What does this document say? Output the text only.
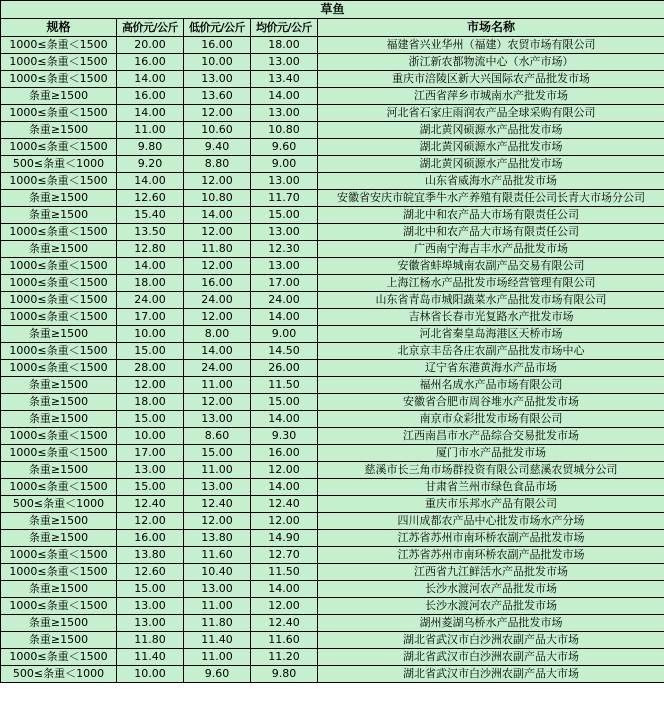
草鱼				
规格	高价元/公斤	低价元/公斤	均价元/公斤	市场名称
1000≤条重＜1500	20.00	16.00	18.00	福建省兴业华州（福建）农贸市场有限公司
1000≤条重＜1500	16.00	10.00	13.00	浙江新农都物流中心（水产市场）
1000≤条重＜1500	14.00	13.00	13.40	重庆市涪陵区新大兴国际农产品批发市场
条重≥1500	16.00	13.60	14.00	江西省萍乡市城南水产批发市场
1000≤条重＜1500	14.00	12.00	13.00	河北省石家庄雨润农产品全球采购有限公司
条重≥1500	11.00	10.60	10.80	湖北黄冈硕源水产品批发市场
1000≤条重＜1500	9.80	9.40	9.60	湖北黄冈硕源水产品批发市场
500≤条重＜1000	9.20	8.80	9.00	湖北黄冈硕源水产品批发市场
1000≤条重＜1500	14.00	12.00	13.00	山东省威海水产品批发市场
条重≥1500	12.60	10.80	11.70	安徽省安庆市皖宜季牛水产养殖有限责任公司长青大市场分公司
条重≥1500	15.40	14.00	15.00	湖北中和农产品大市场有限责任公司
1000≤条重＜1500	13.50	12.00	13.00	湖北中和农产品大市场有限责任公司
条重≥1500	12.80	11.80	12.30	广西南宁海吉丰水产品批发市场
1000≤条重＜1500	14.00	12.00	13.00	安徽省蚌埠城南农副产品交易有限公司
1000≤条重＜1500	18.00	16.00	17.00	上海江杨水产品批发市场经营管理有限公司
1000≤条重＜1500	24.00	24.00	24.00	山东省青岛市城阳蔬菜水产品批发市场有限公司
1000≤条重＜1500	17.00	12.00	14.00	吉林省长春市光复路水产批发市场
条重≥1500	10.00	8.00	9.00	河北省秦皇岛海港区天桥市场
1000≤条重＜1500	15.00	14.00	14.50	北京京丰岳各庄农副产品批发市场中心
1000≤条重＜1500	28.00	24.00	26.00	辽宁省东港黄海水产品市场
条重≥1500	12.00	11.00	11.50	福州名成水产品市场有限公司
条重≥1500	18.00	12.00	15.00	安徽省合肥市周谷堆水产品批发市场
条重≥1500	15.00	13.00	14.00	南京市众彩批发市场有限公司
1000≤条重＜1500	10.00	8.60	9.30	江西南昌市水产品综合交易批发市场
1000≤条重＜1500	17.00	15.00	16.00	厦门市水产品批发市场
条重≥1500	13.00	11.00	12.00	慈溪市长三角市场群投资有限公司慈溪农贸城分公司
1000≤条重＜1500	15.00	13.00	14.00	甘肃省兰州市绿色食品市场
500≤条重＜1000	12.40	12.40	12.40	重庆市乐邦水产品有限公司
条重≥1500	12.00	12.00	12.00	四川成都农产品中心批发市场水产分场
条重≥1500	16.00	13.80	14.90	江苏省苏州市南环桥农副产品批发市场
1000≤条重＜1500	13.80	11.60	12.70	江苏省苏州市南环桥农副产品批发市场
1000≤条重＜1500	12.60	10.40	11.50	江西省九江鲜活水产品批发市场
条重≥1500	15.00	13.00	14.00	长沙水渡河农产品批发市场
1000≤条重＜1500	13.00	11.00	12.00	长沙水渡河农产品批发市场
条重≥1500	13.00	11.80	12.40	湖州菱湖乌桥水产品批发市场
条重≥1500	11.80	11.40	11.60	湖北省武汉市白沙洲农副产品大市场
1000≤条重＜1500	11.40	11.00	11.20	湖北省武汉市白沙洲农副产品大市场
500≤条重＜1000	10.00	9.60	9.80	湖北省武汉市白沙洲农副产品大市场
